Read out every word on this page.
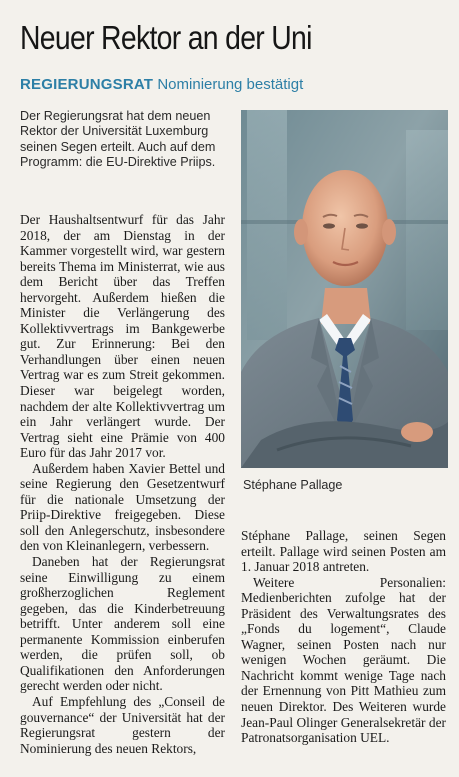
Neuer Rektor an der Uni
REGIERUNGSRAT Nominierung bestätigt

Der Regierungsrat hat dem neuen Rektor der Universität Luxemburg seinen Segen erteilt. Auch auf dem Programm: die EU-Direktive Priips.

Der Haushaltsentwurf für das Jahr 2018, der am Dienstag in der Kammer vorgestellt wird, war gestern bereits Thema im Ministerrat, wie aus dem Bericht über das Treffen hervorgeht. Außerdem hießen die Minister die Verlängerung des Kollektivvertrags im Bankgewerbe gut. Zur Erinnerung: Bei den Verhandlungen über einen neuen Vertrag war es zum Streit gekommen. Dieser war beigelegt worden, nachdem der alte Kollektivvertrag um ein Jahr verlängert wurde. Der Vertrag sieht eine Prämie von 400 Euro für das Jahr 2017 vor.

Außerdem haben Xavier Bettel und seine Regierung den Gesetzentwurf für die nationale Umsetzung der Priip-Direktive freigegeben. Diese soll den Anlegerschutz, insbesondere den von Kleinanlegern, verbessern.

Daneben hat der Regierungsrat seine Einwilligung zu einem großherzoglichen Reglement gegeben, das die Kinderbetreuung betrifft. Unter anderem soll eine permanente Kommission einberufen werden, die prüfen soll, ob Qualifikationen den Anforderungen gerecht werden oder nicht.

Auf Empfehlung des „Conseil de gouvernance“ der Universität hat der Regierungsrat gestern der Nominierung des neuen Rektors,

Stéphane Pallage

Stéphane Pallage, seinen Segen erteilt. Pallage wird seinen Posten am 1. Januar 2018 antreten.

Weitere Personalien: Medienberichten zufolge hat der Präsident des Verwaltungsrates des „Fonds du logement“, Claude Wagner, seinen Posten nach nur wenigen Wochen geräumt. Die Nachricht kommt wenige Tage nach der Ernennung von Pitt Mathieu zum neuen Direktor. Des Weiteren wurde Jean-Paul Olinger Generalsekretär der Patronatsorganisation UEL.
